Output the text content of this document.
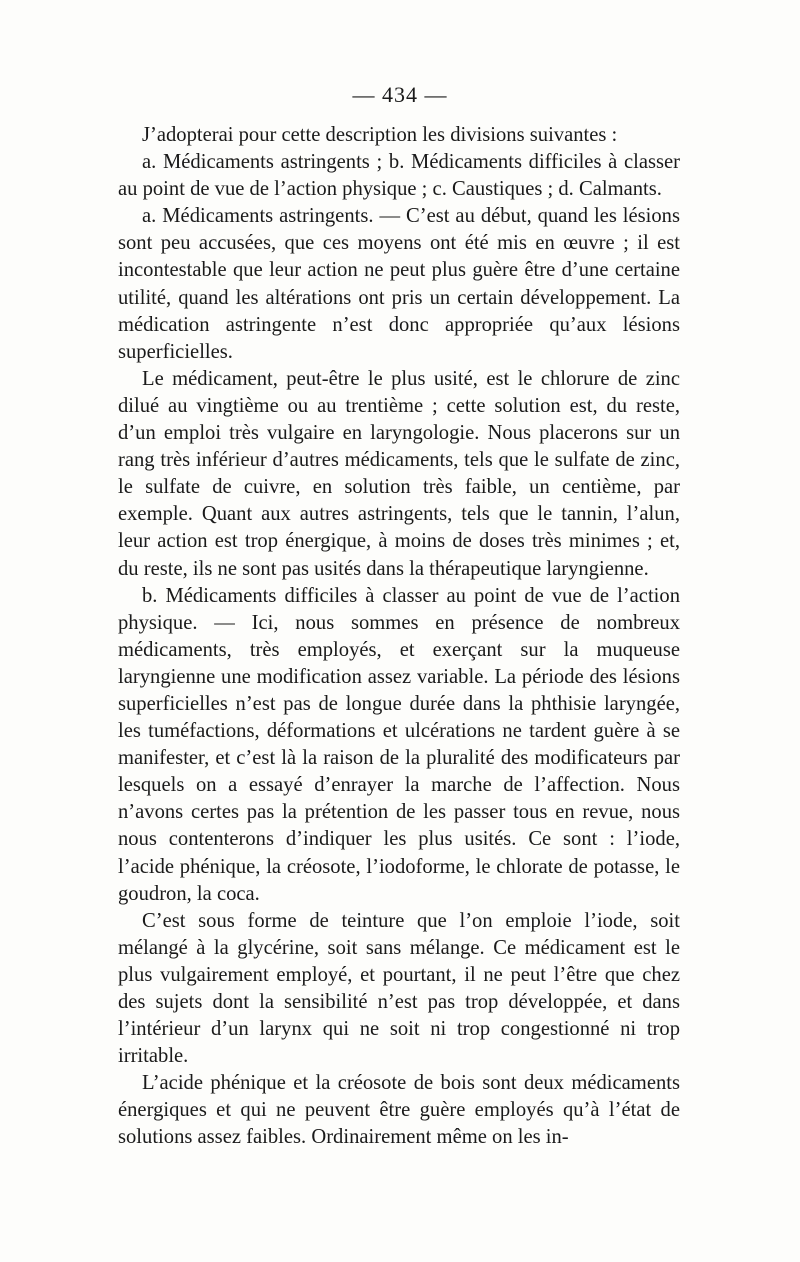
— 434 —

J’adopterai pour cette description les divisions suivantes :

a. Médicaments astringents ; b. Médicaments difficiles à classer au point de vue de l’action physique ; c. Caustiques ; d. Calmants.

a. Médicaments astringents. — C’est au début, quand les lésions sont peu accusées, que ces moyens ont été mis en œuvre ; il est incontestable que leur action ne peut plus guère être d’une certaine utilité, quand les altérations ont pris un certain développement. La médication astringente n’est donc appropriée qu’aux lésions superficielles.

Le médicament, peut-être le plus usité, est le chlorure de zinc dilué au vingtième ou au trentième ; cette solution est, du reste, d’un emploi très vulgaire en laryngologie. Nous placerons sur un rang très inférieur d’autres médicaments, tels que le sulfate de zinc, le sulfate de cuivre, en solution très faible, un centième, par exemple. Quant aux autres astringents, tels que le tannin, l’alun, leur action est trop énergique, à moins de doses très minimes ; et, du reste, ils ne sont pas usités dans la thérapeutique laryngienne.

b. Médicaments difficiles à classer au point de vue de l’action physique. — Ici, nous sommes en présence de nombreux médicaments, très employés, et exerçant sur la muqueuse laryngienne une modification assez variable. La période des lésions superficielles n’est pas de longue durée dans la phthisie laryngée, les tuméfactions, déformations et ulcérations ne tardent guère à se manifester, et c’est là la raison de la pluralité des modificateurs par lesquels on a essayé d’enrayer la marche de l’affection. Nous n’avons certes pas la prétention de les passer tous en revue, nous nous contenterons d’indiquer les plus usités. Ce sont : l’iode, l’acide phénique, la créosote, l’iodoforme, le chlorate de potasse, le goudron, la coca.

C’est sous forme de teinture que l’on emploie l’iode, soit mélangé à la glycérine, soit sans mélange. Ce médicament est le plus vulgairement employé, et pourtant, il ne peut l’être que chez des sujets dont la sensibilité n’est pas trop développée, et dans l’intérieur d’un larynx qui ne soit ni trop congestionné ni trop irritable.

L’acide phénique et la créosote de bois sont deux médicaments énergiques et qui ne peuvent être guère employés qu’à l’état de solutions assez faibles. Ordinairement même on les in-
